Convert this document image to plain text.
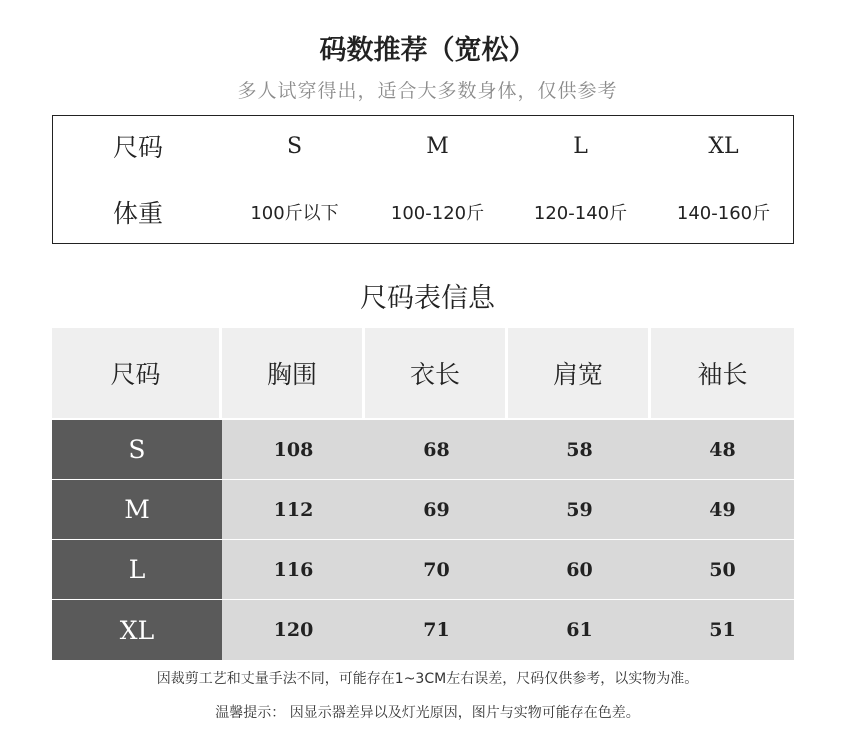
码数推荐（宽松）
多人试穿得出，适合大多数身体，仅供参考
尺码	S	M	L	XL
体重	100斤以下	100-120斤	120-140斤	140-160斤
尺码表信息
尺码	胸围	衣长	肩宽	袖长
S	108	68	58	48
M	112	69	59	49
L	116	70	60	50
XL	120	71	61	51
因裁剪工艺和丈量手法不同，可能存在1~3CM左右误差，尺码仅供参考，以实物为准。
温馨提示： 因显示器差异以及灯光原因，图片与实物可能存在色差。
